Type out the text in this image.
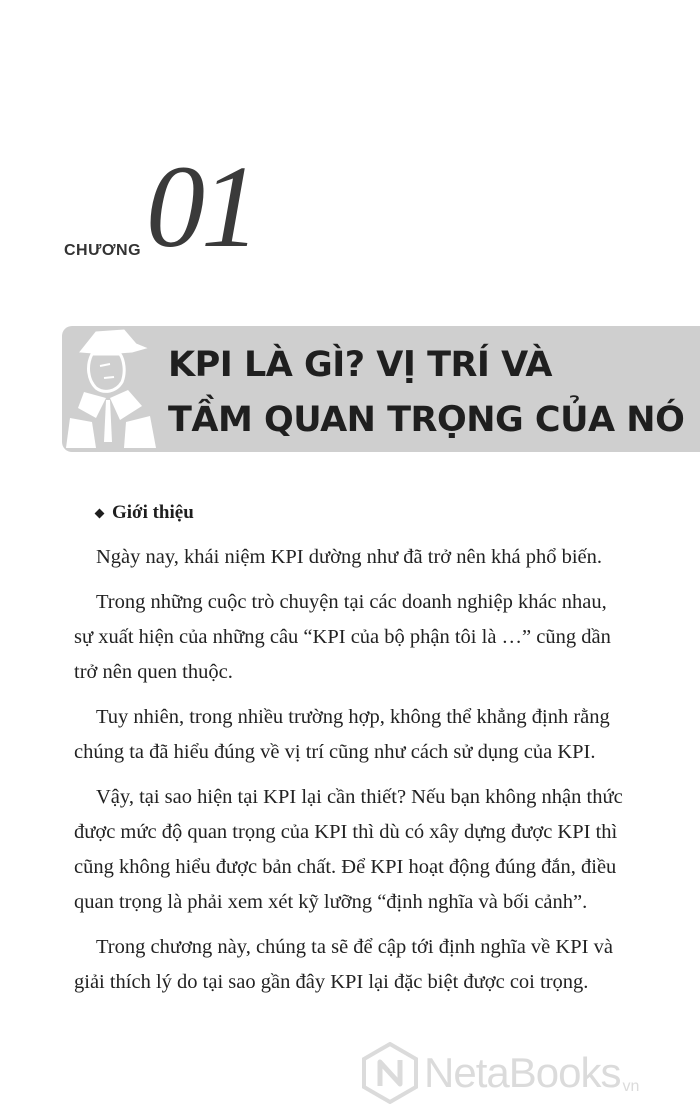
CHƯƠNG 01
KPI LÀ GÌ? VỊ TRÍ VÀ
TẦM QUAN TRỌNG CỦA NÓ
Giới thiệu

Ngày nay, khái niệm KPI dường như đã trở nên khá phổ biến.

Trong những cuộc trò chuyện tại các doanh nghiệp khác nhau,
sự xuất hiện của những câu “KPI của bộ phận tôi là …” cũng dần
trở nên quen thuộc.

Tuy nhiên, trong nhiều trường hợp, không thể khẳng định rằng
chúng ta đã hiểu đúng về vị trí cũng như cách sử dụng của KPI.

Vậy, tại sao hiện tại KPI lại cần thiết? Nếu bạn không nhận thức
được mức độ quan trọng của KPI thì dù có xây dựng được KPI thì
cũng không hiểu được bản chất. Để KPI hoạt động đúng đắn, điều
quan trọng là phải xem xét kỹ lưỡng “định nghĩa và bối cảnh”.

Trong chương này, chúng ta sẽ để cập tới định nghĩa về KPI và
giải thích lý do tại sao gần đây KPI lại đặc biệt được coi trọng.

NetaBooks vn
